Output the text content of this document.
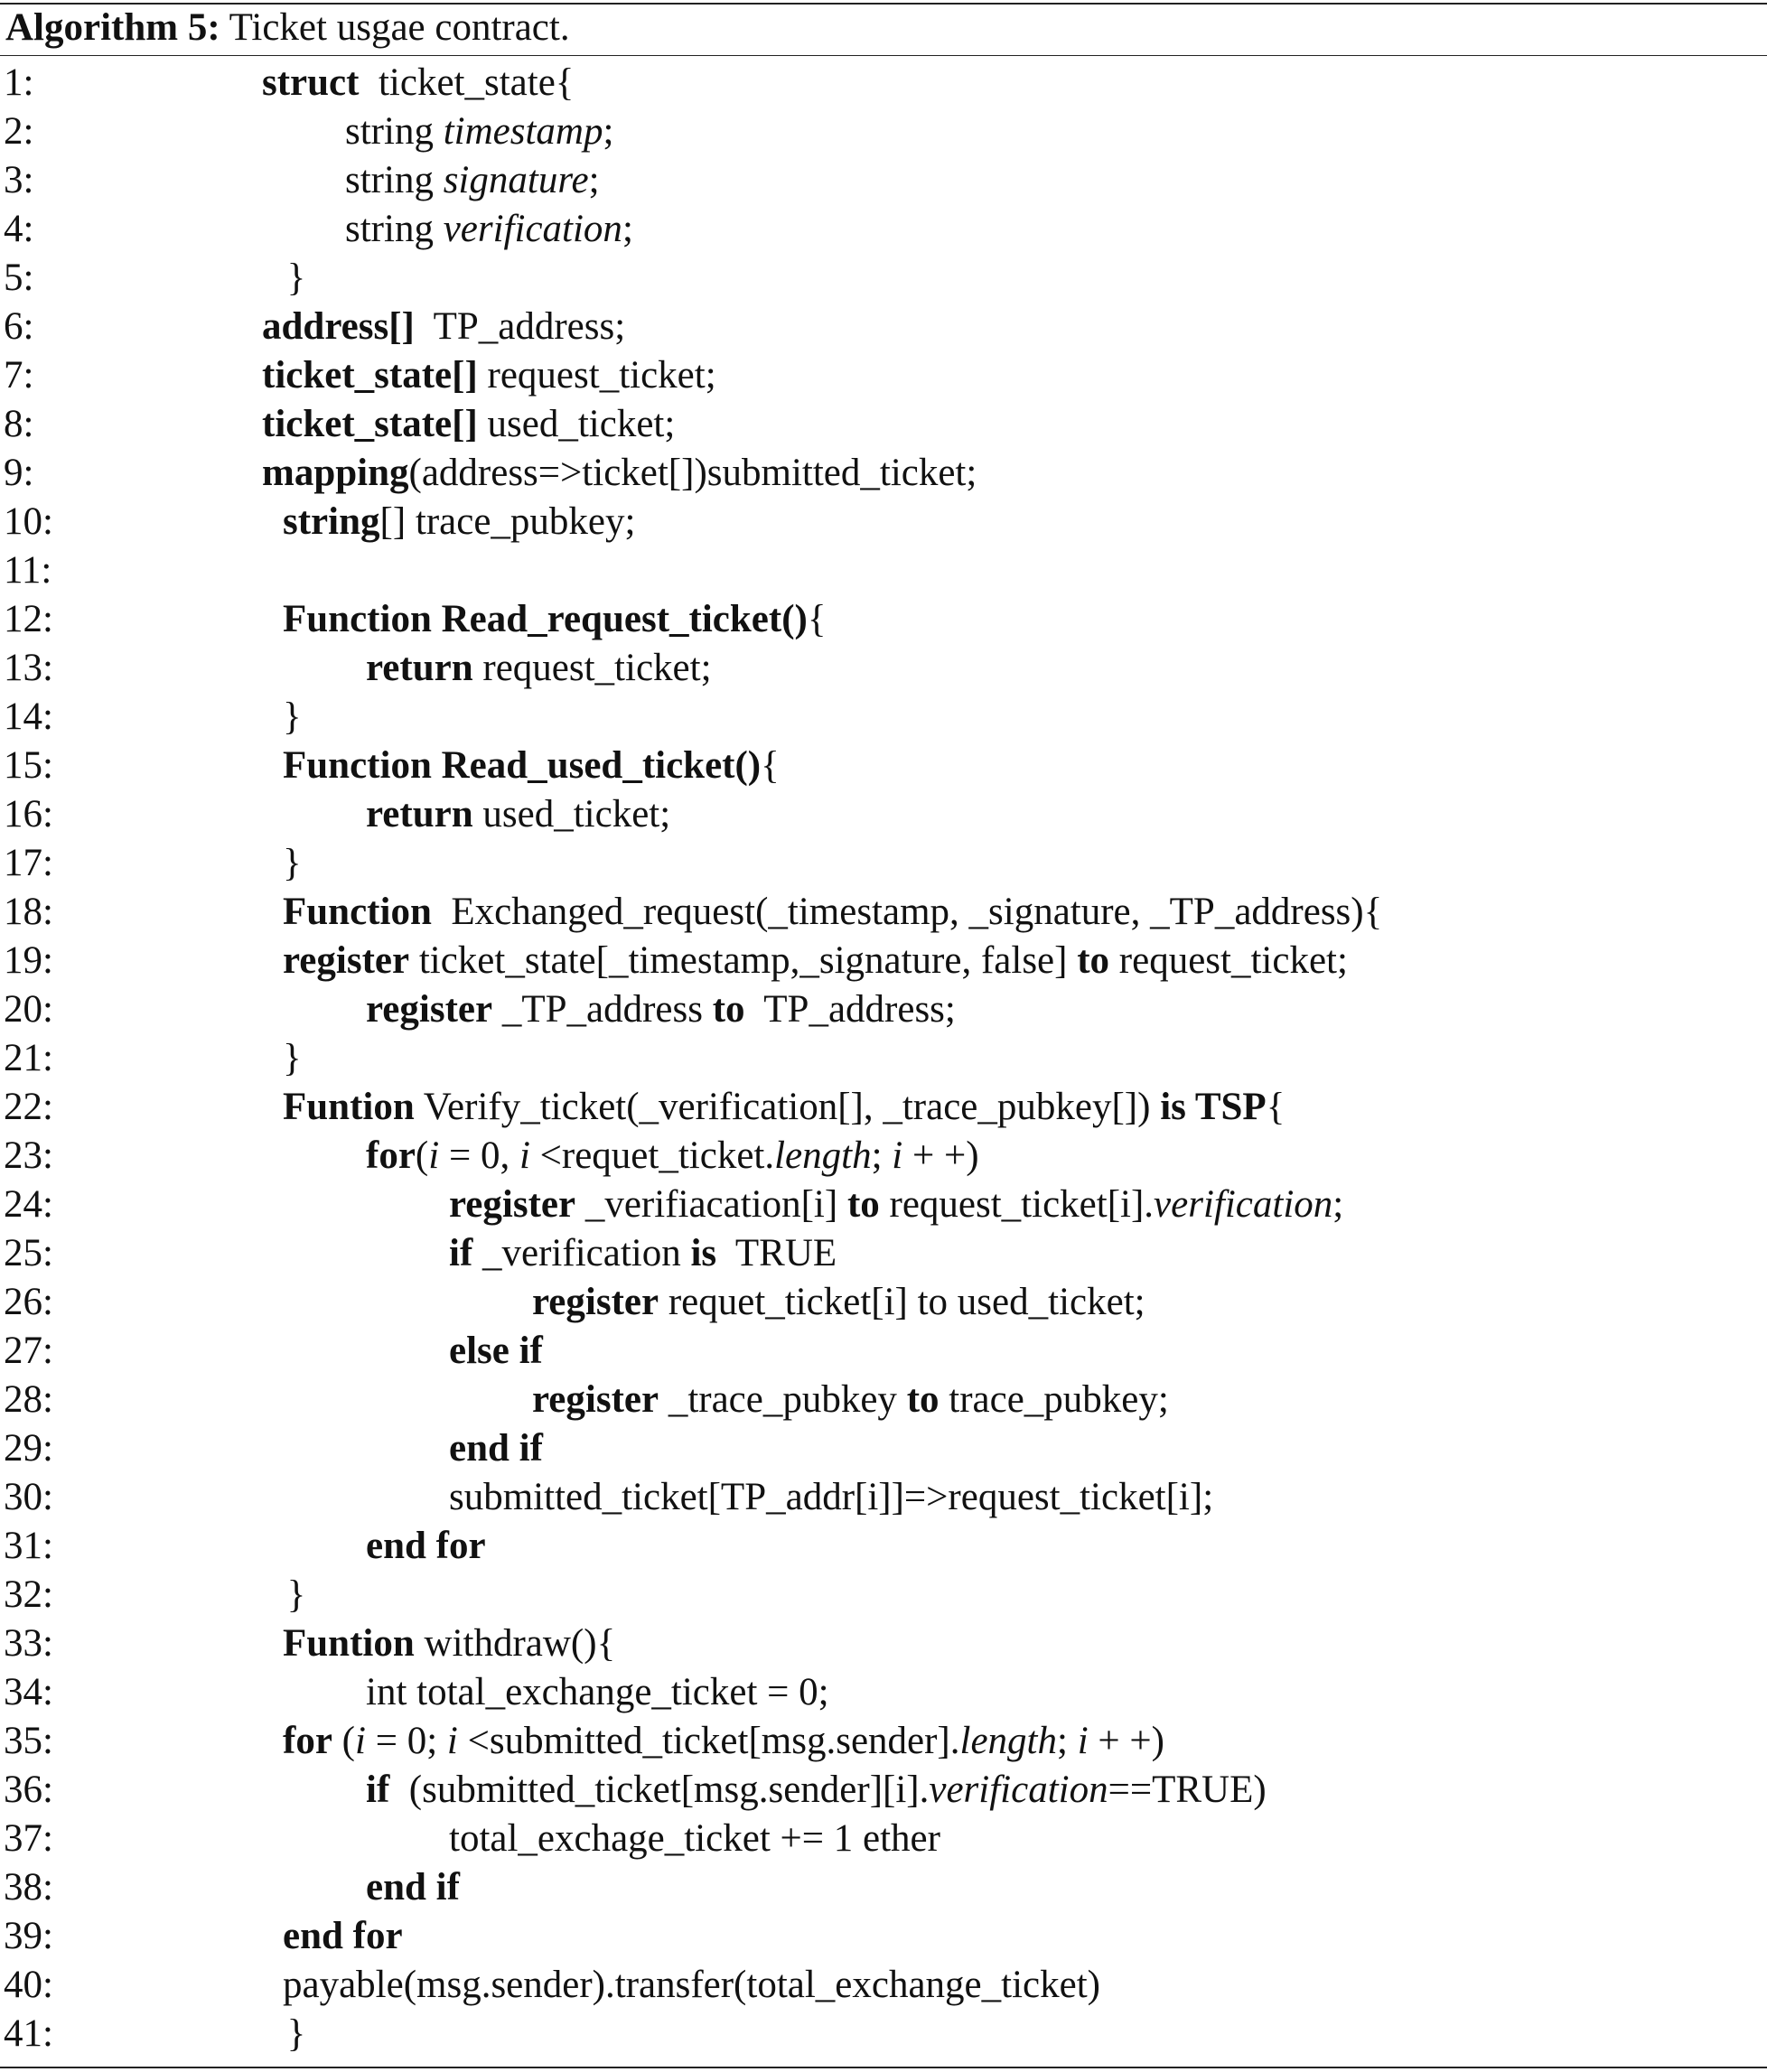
Algorithm 5: Ticket usgae contract.
1:	struct  ticket_state{
2:	string timestamp;
3:	string signature;
4:	string verification;
5:	}
6:	address[]  TP_address;
7:	ticket_state[] request_ticket;
8:	ticket_state[] used_ticket;
9:	mapping(address=>ticket[])submitted_ticket;
10:	string[] trace_pubkey;
11:
12:	Function Read_request_ticket(){
13:	return request_ticket;
14:	}
15:	Function Read_used_ticket(){
16:	return used_ticket;
17:	}
18:	Function  Exchanged_request(_timestamp, _signature, _TP_address){
19:	register ticket_state[_timestamp,_signature, false] to request_ticket;
20:	register _TP_address to  TP_address;
21:	}
22:	Funtion Verify_ticket(_verification[], _trace_pubkey[]) is TSP{
23:	for(i = 0, i <requet_ticket.length; i + +)
24:	register _verifiacation[i] to request_ticket[i].verification;
25:	if _verification is  TRUE
26:	register requet_ticket[i] to used_ticket;
27:	else if
28:	register _trace_pubkey to trace_pubkey;
29:	end if
30:	submitted_ticket[TP_addr[i]]=>request_ticket[i];
31:	end for
32:	}
33:	Funtion withdraw(){
34:	int total_exchange_ticket = 0;
35:	for (i = 0; i <submitted_ticket[msg.sender].length; i + +)
36:	if  (submitted_ticket[msg.sender][i].verification==TRUE)
37:	total_exchage_ticket += 1 ether
38:	end if
39:	end for
40:	payable(msg.sender).transfer(total_exchange_ticket)
41:	}
